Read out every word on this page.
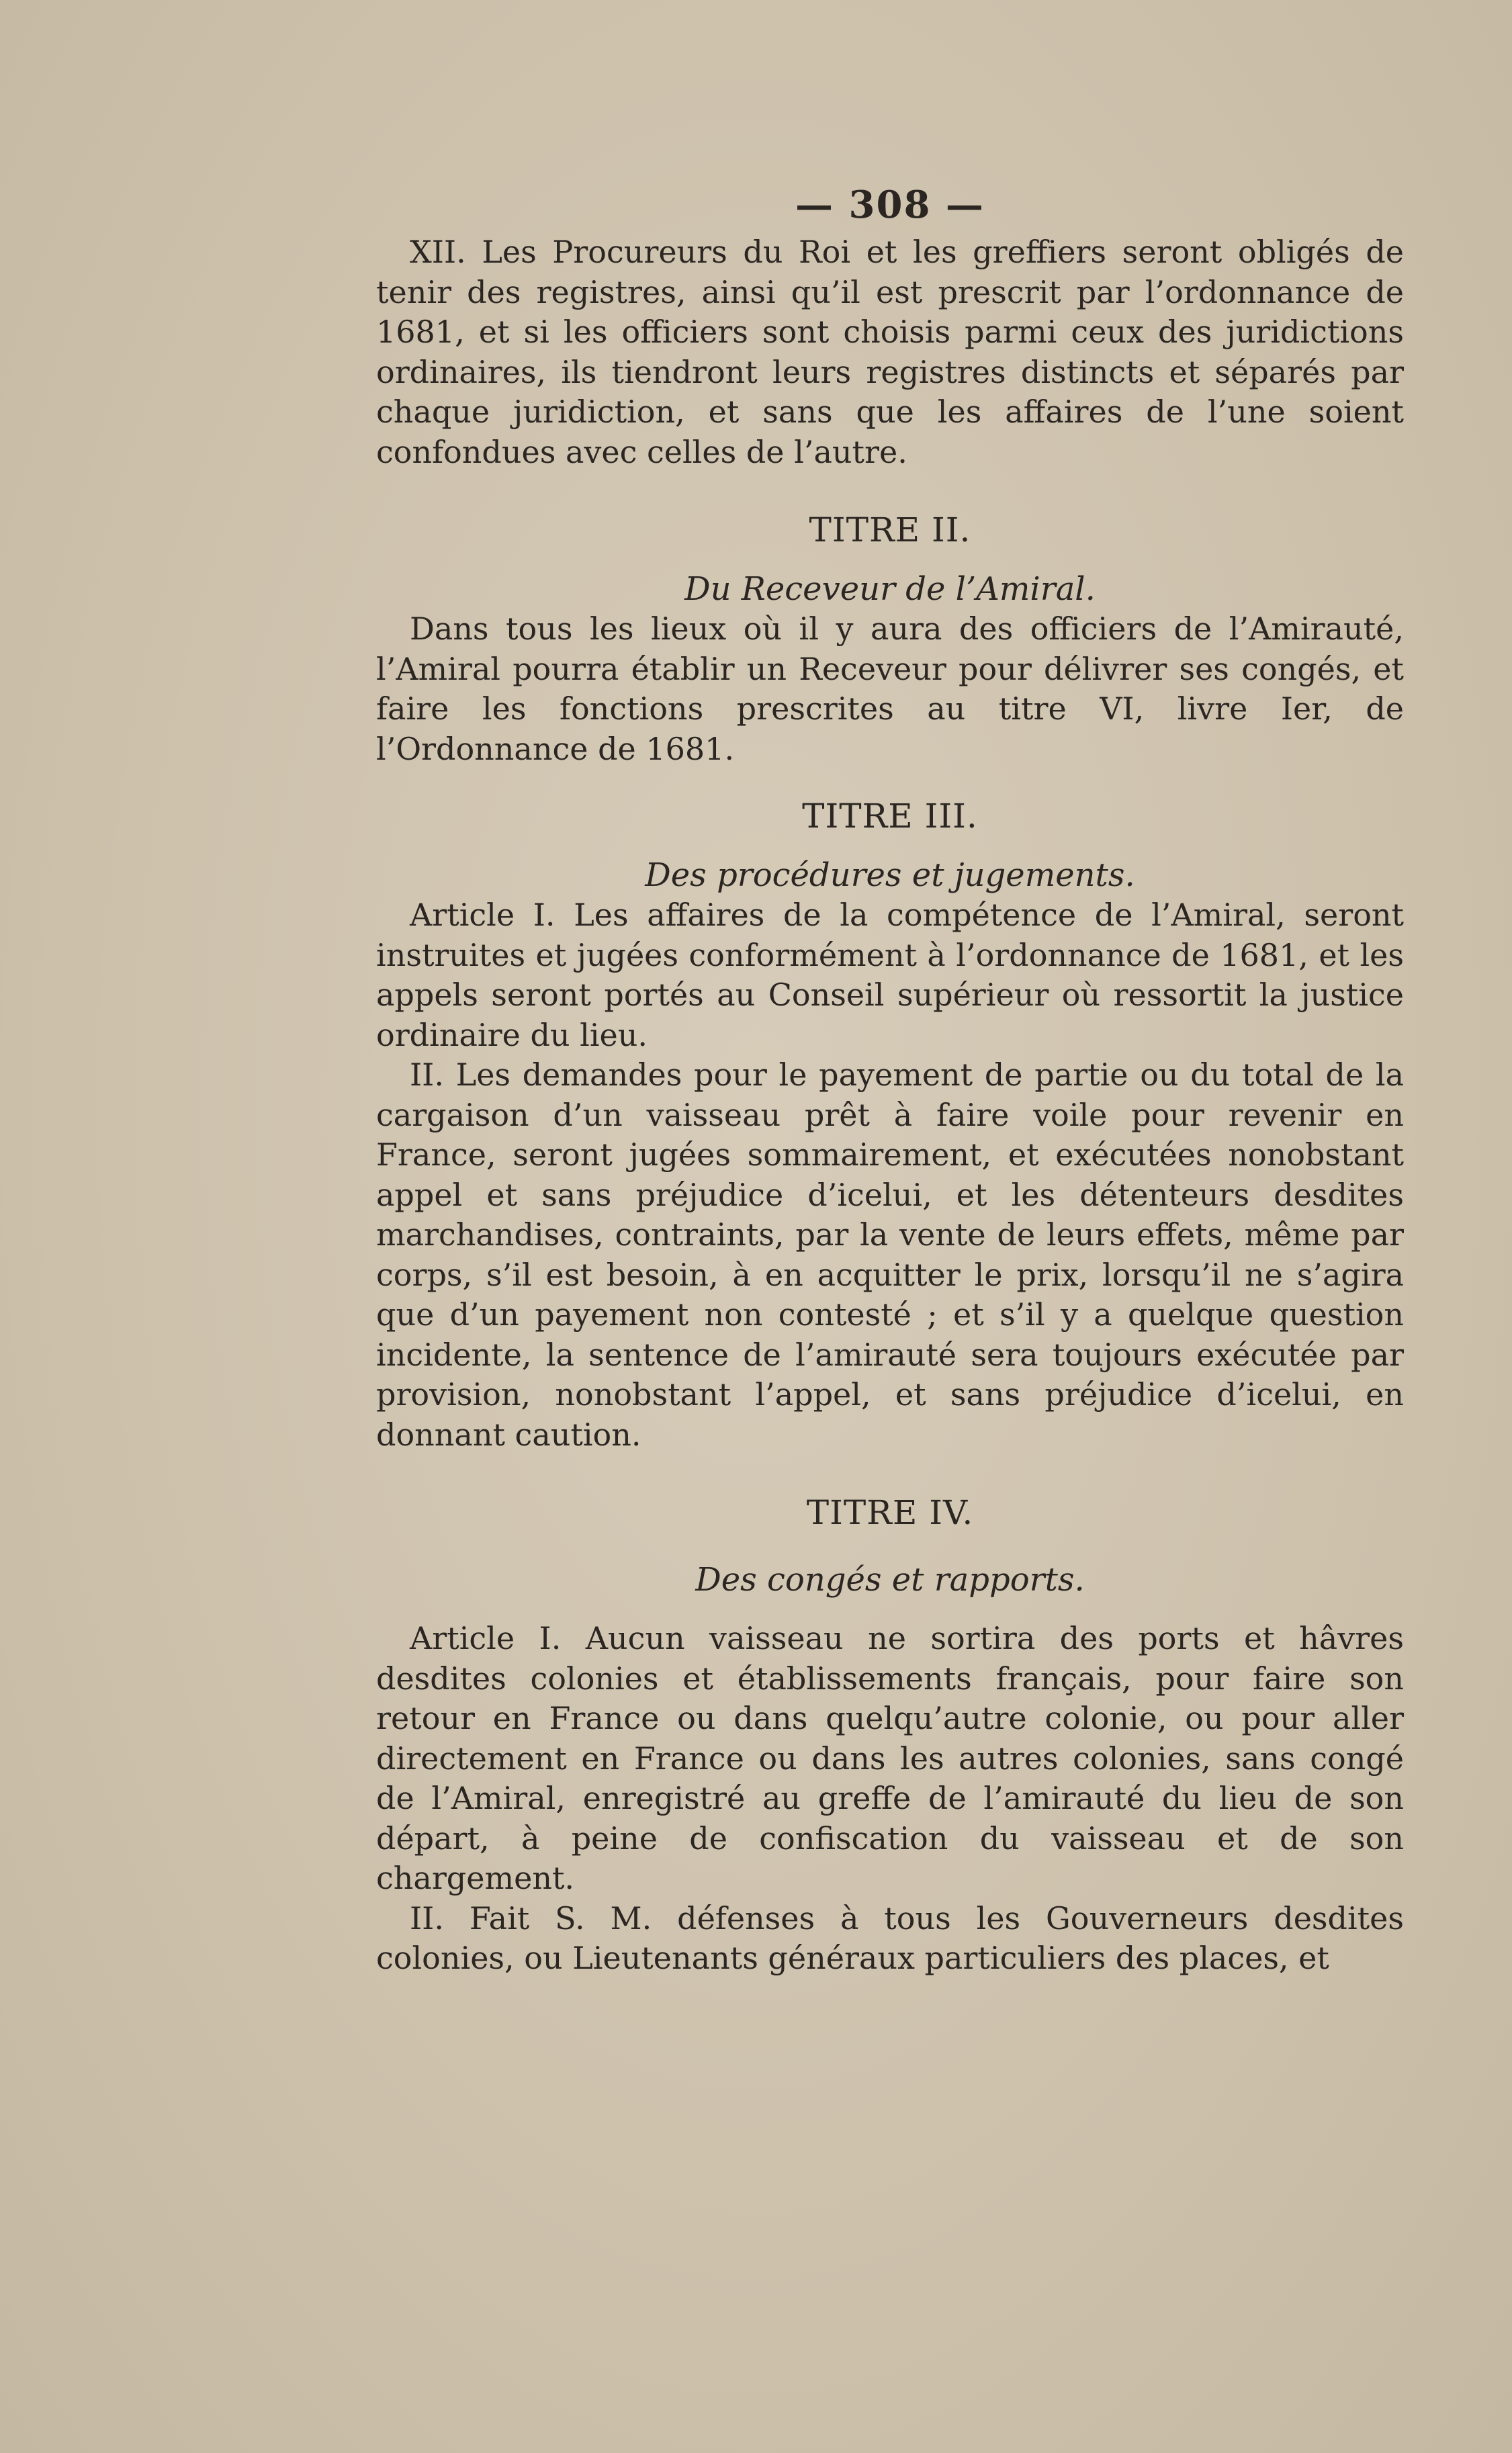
— 308 —

XII. Les Procureurs du Roi et les greffiers seront obligés de tenir des registres, ainsi qu’il est prescrit par l’ordonnance de 1681, et si les officiers sont choisis parmi ceux des juridictions ordinaires, ils tiendront leurs registres distincts et séparés par chaque juridiction, et sans que les affaires de l’une soient confondues avec celles de l’autre.

TITRE II.
Du Receveur de l’Amiral.

Dans tous les lieux où il y aura des officiers de l’Amirauté, l’Amiral pourra établir un Receveur pour délivrer ses congés, et faire les fonctions prescrites au titre VI, livre Ier, de l’Ordonnance de 1681.

TITRE III.
Des procédures et jugements.

Article I. Les affaires de la compétence de l’Amiral, seront instruites et jugées conformément à l’ordonnance de 1681, et les appels seront portés au Conseil supérieur où ressortit la justice ordinaire du lieu.

II. Les demandes pour le payement de partie ou du total de la cargaison d’un vaisseau prêt à faire voile pour revenir en France, seront jugées sommairement, et exécutées nonobstant appel et sans préjudice d’icelui, et les détenteurs desdites marchandises, contraints, par la vente de leurs effets, même par corps, s’il est besoin, à en acquitter le prix, lorsqu’il ne s’agira que d’un payement non contesté ; et s’il y a quelque question incidente, la sentence de l’amirauté sera toujours exécutée par provision, nonobstant l’appel, et sans préjudice d’icelui, en donnant caution.

TITRE IV.
Des congés et rapports.

Article I. Aucun vaisseau ne sortira des ports et hâvres desdites colonies et établissements français, pour faire son retour en France ou dans quelqu’autre colonie, ou pour aller directement en France ou dans les autres colonies, sans congé de l’Amiral, enregistré au greffe de l’amirauté du lieu de son départ, à peine de confiscation du vaisseau et de son chargement.

II. Fait S. M. défenses à tous les Gouverneurs desdites colonies, ou Lieutenants généraux particuliers des places, et
